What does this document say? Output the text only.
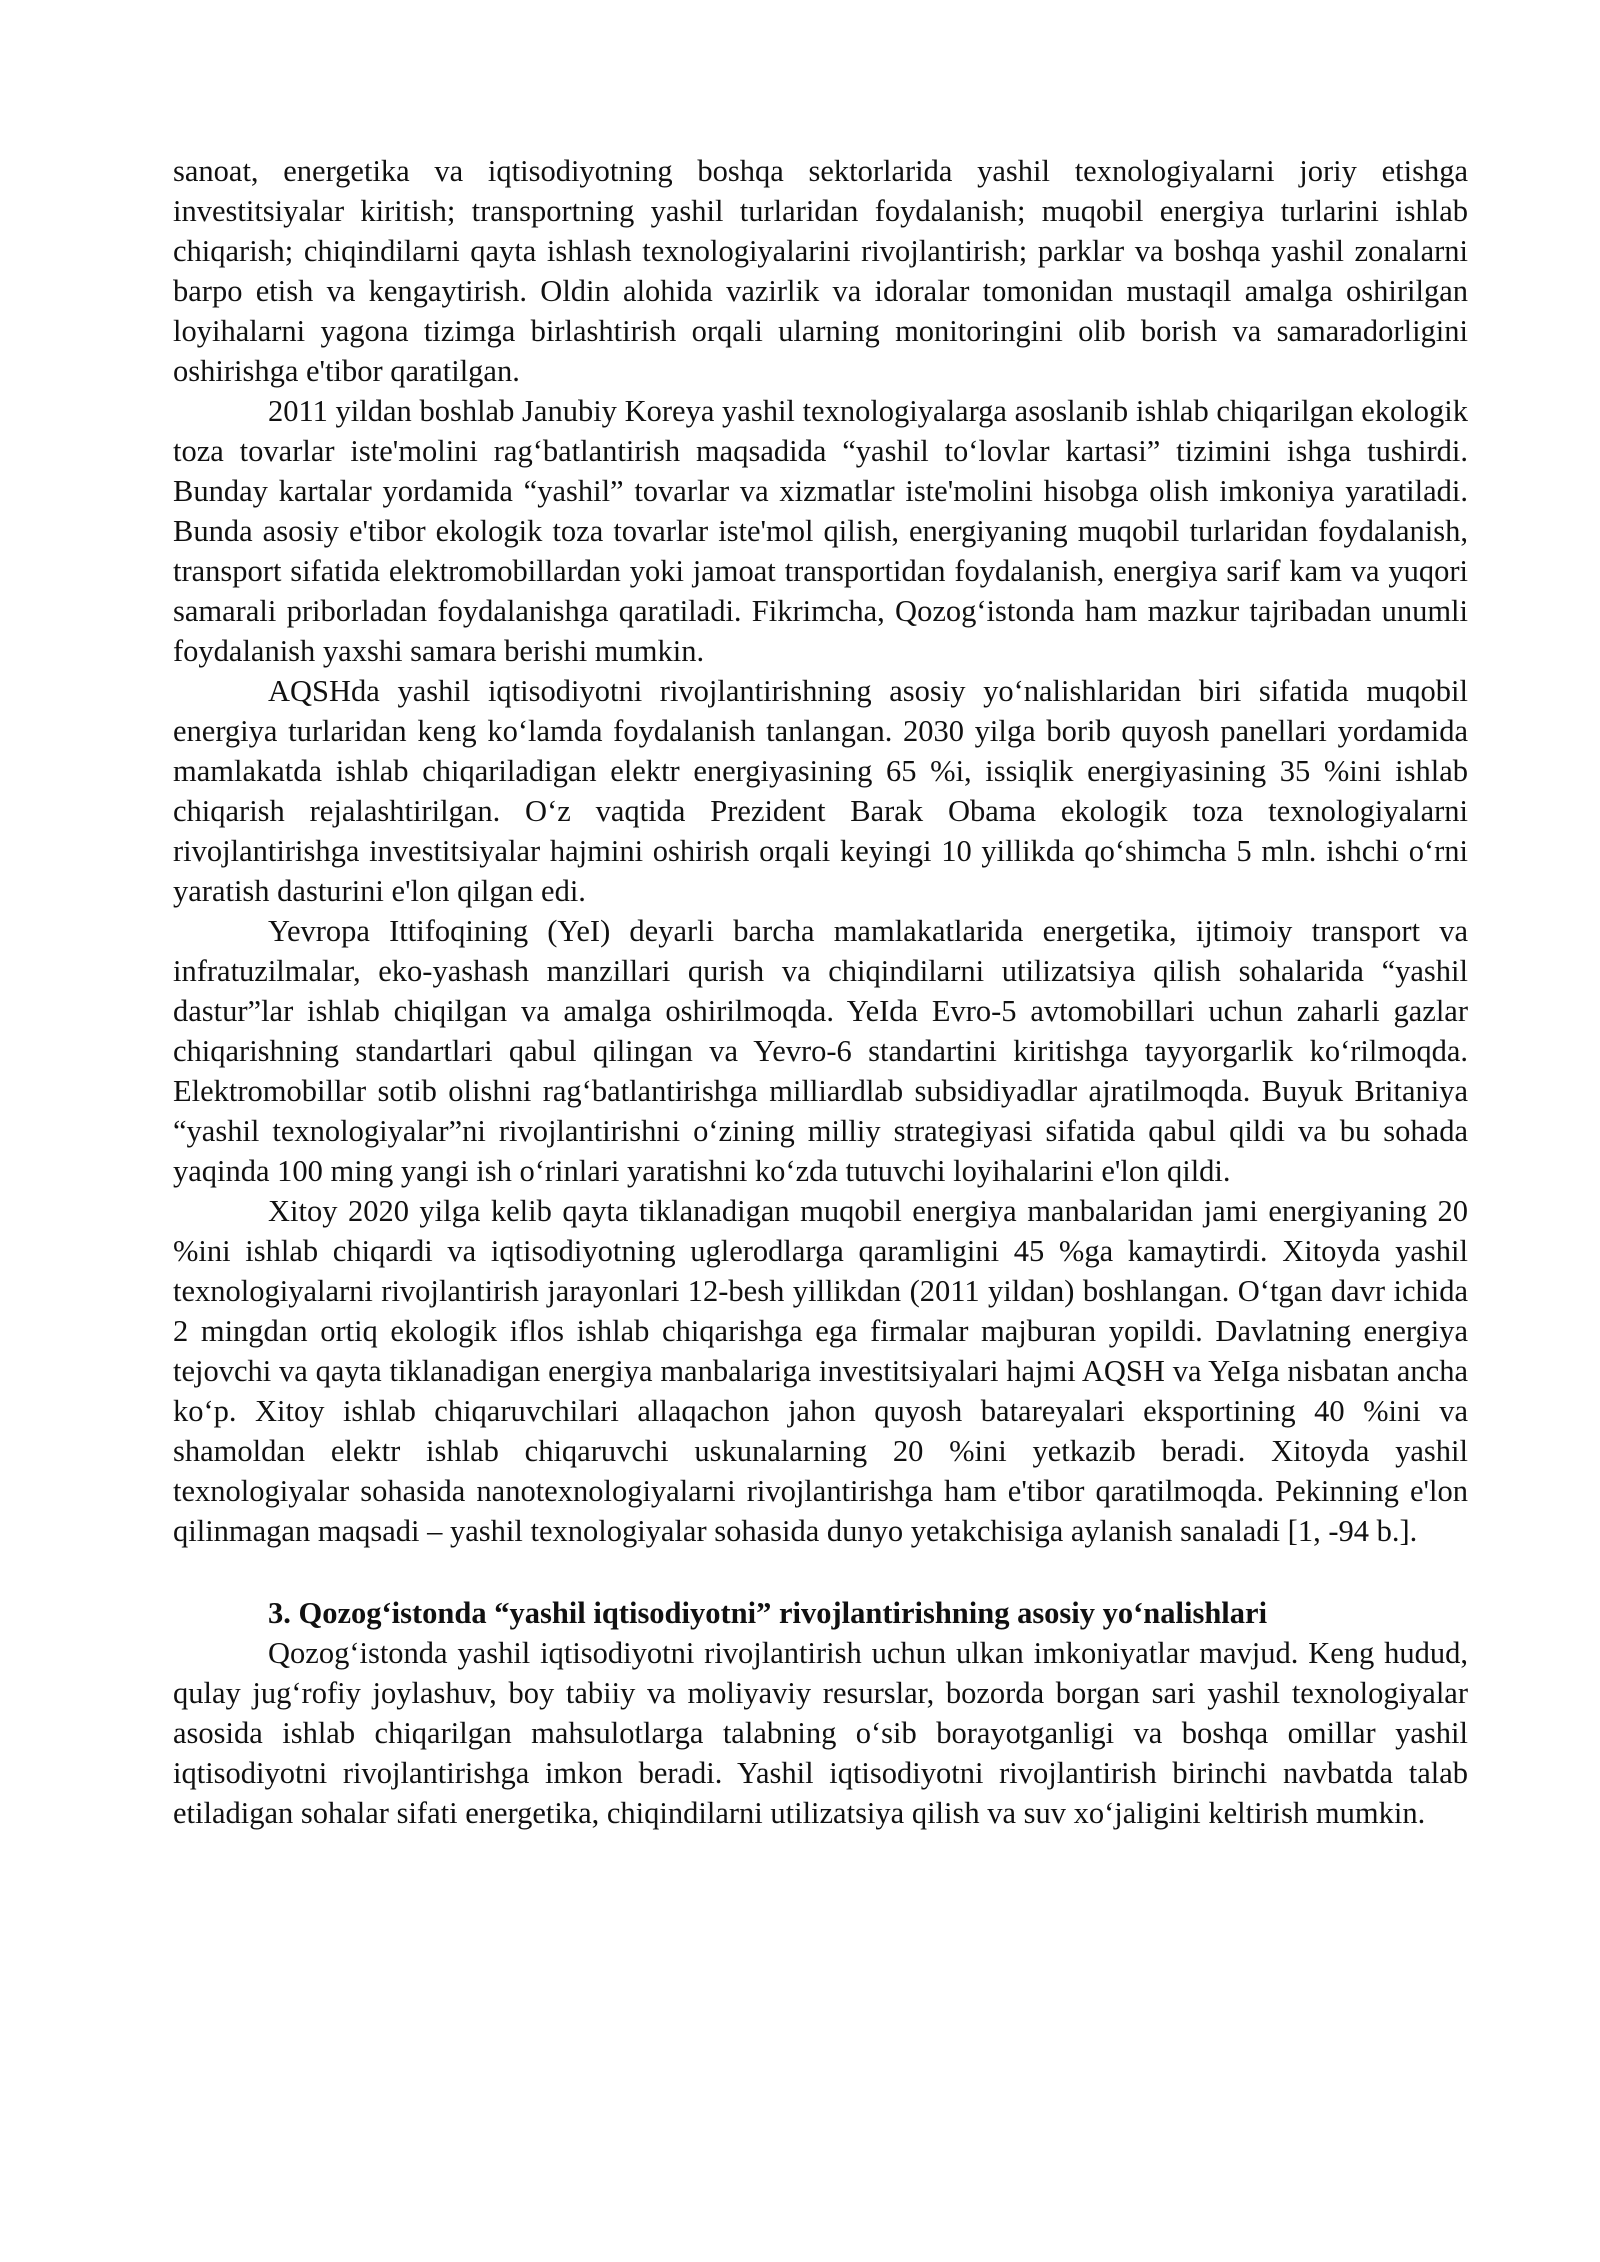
sanoat, energetika va iqtisodiyotning boshqa sektorlarida yashil texnologiyalarni joriy etishga investitsiyalar kiritish; transportning yashil turlaridan foydalanish; muqobil energiya turlarini ishlab chiqarish; chiqindilarni qayta ishlash texnologiyalarini rivojlantirish; parklar va boshqa yashil zonalarni barpo etish va kengaytirish. Oldin alohida vazirlik va idoralar tomonidan mustaqil amalga oshirilgan loyihalarni yagona tizimga birlashtirish orqali ularning monitoringini olib borish va samaradorligini oshirishga e'tibor qaratilgan.

2011 yildan boshlab Janubiy Koreya yashil texnologiyalarga asoslanib ishlab chiqarilgan ekologik toza tovarlar iste'molini rag‘batlantirish maqsadida “yashil to‘lovlar kartasi” tizimini ishga tushirdi. Bunday kartalar yordamida “yashil” tovarlar va xizmatlar iste'molini hisobga olish imkoniya yaratiladi. Bunda asosiy e'tibor ekologik toza tovarlar iste'mol qilish, energiyaning muqobil turlaridan foydalanish, transport sifatida elektromobillardan yoki jamoat transportidan foydalanish, energiya sarif kam va yuqori samarali priborladan foydalanishga qaratiladi. Fikrimcha, Qozog‘istonda ham mazkur tajribadan unumli foydalanish yaxshi samara berishi mumkin.

AQSHda yashil iqtisodiyotni rivojlantirishning asosiy yo‘nalishlaridan biri sifatida muqobil energiya turlaridan keng ko‘lamda foydalanish tanlangan. 2030 yilga borib quyosh panellari yordamida mamlakatda ishlab chiqariladigan elektr energiyasining 65 %i, issiqlik energiyasining 35 %ini ishlab chiqarish rejalashtirilgan. O‘z vaqtida Prezident Barak Obama ekologik toza texnologiyalarni rivojlantirishga investitsiyalar hajmini oshirish orqali keyingi 10 yillikda qo‘shimcha 5 mln. ishchi o‘rni yaratish dasturini e'lon qilgan edi.

Yevropa Ittifoqining (YeI) deyarli barcha mamlakatlarida energetika, ijtimoiy transport va infratuzilmalar, eko-yashash manzillari qurish va chiqindilarni utilizatsiya qilish sohalarida “yashil dastur”lar ishlab chiqilgan va amalga oshirilmoqda. YeIda Evro-5 avtomobillari uchun zaharli gazlar chiqarishning standartlari qabul qilingan va Yevro-6 standartini kiritishga tayyorgarlik ko‘rilmoqda. Elektromobillar sotib olishni rag‘batlantirishga milliardlab subsidiyadlar ajratilmoqda. Buyuk Britaniya “yashil texnologiyalar”ni rivojlantirishni o‘zining milliy strategiyasi sifatida qabul qildi va bu sohada yaqinda 100 ming yangi ish o‘rinlari yaratishni ko‘zda tutuvchi loyihalarini e'lon qildi.

Xitoy 2020 yilga kelib qayta tiklanadigan muqobil energiya manbalaridan jami energiyaning 20 %ini ishlab chiqardi va iqtisodiyotning uglerodlarga qaramligini 45 %ga kamaytirdi. Xitoyda yashil texnologiyalarni rivojlantirish jarayonlari 12-besh yillikdan (2011 yildan) boshlangan. O‘tgan davr ichida 2 mingdan ortiq ekologik iflos ishlab chiqarishga ega firmalar majburan yopildi. Davlatning energiya tejovchi va qayta tiklanadigan energiya manbalariga investitsiyalari hajmi AQSH va YeIga nisbatan ancha ko‘p. Xitoy ishlab chiqaruvchilari allaqachon jahon quyosh batareyalari eksportining 40 %ini va shamoldan elektr ishlab chiqaruvchi uskunalarning 20 %ini yetkazib beradi. Xitoyda yashil texnologiyalar sohasida nanotexnologiyalarni rivojlantirishga ham e'tibor qaratilmoqda. Pekinning e'lon qilinmagan maqsadi – yashil texnologiyalar sohasida dunyo yetakchisiga aylanish sanaladi [1, -94 b.].

3. Qozog‘istonda “yashil iqtisodiyotni” rivojlantirishning asosiy yo‘nalishlari

Qozog‘istonda yashil iqtisodiyotni rivojlantirish uchun ulkan imkoniyatlar mavjud. Keng hudud, qulay jug‘rofiy joylashuv, boy tabiiy va moliyaviy resurslar, bozorda borgan sari yashil texnologiyalar asosida ishlab chiqarilgan mahsulotlarga talabning o‘sib borayotganligi va boshqa omillar yashil iqtisodiyotni rivojlantirishga imkon beradi. Yashil iqtisodiyotni rivojlantirish birinchi navbatda talab etiladigan sohalar sifati energetika, chiqindilarni utilizatsiya qilish va suv xo‘jaligini keltirish mumkin.
